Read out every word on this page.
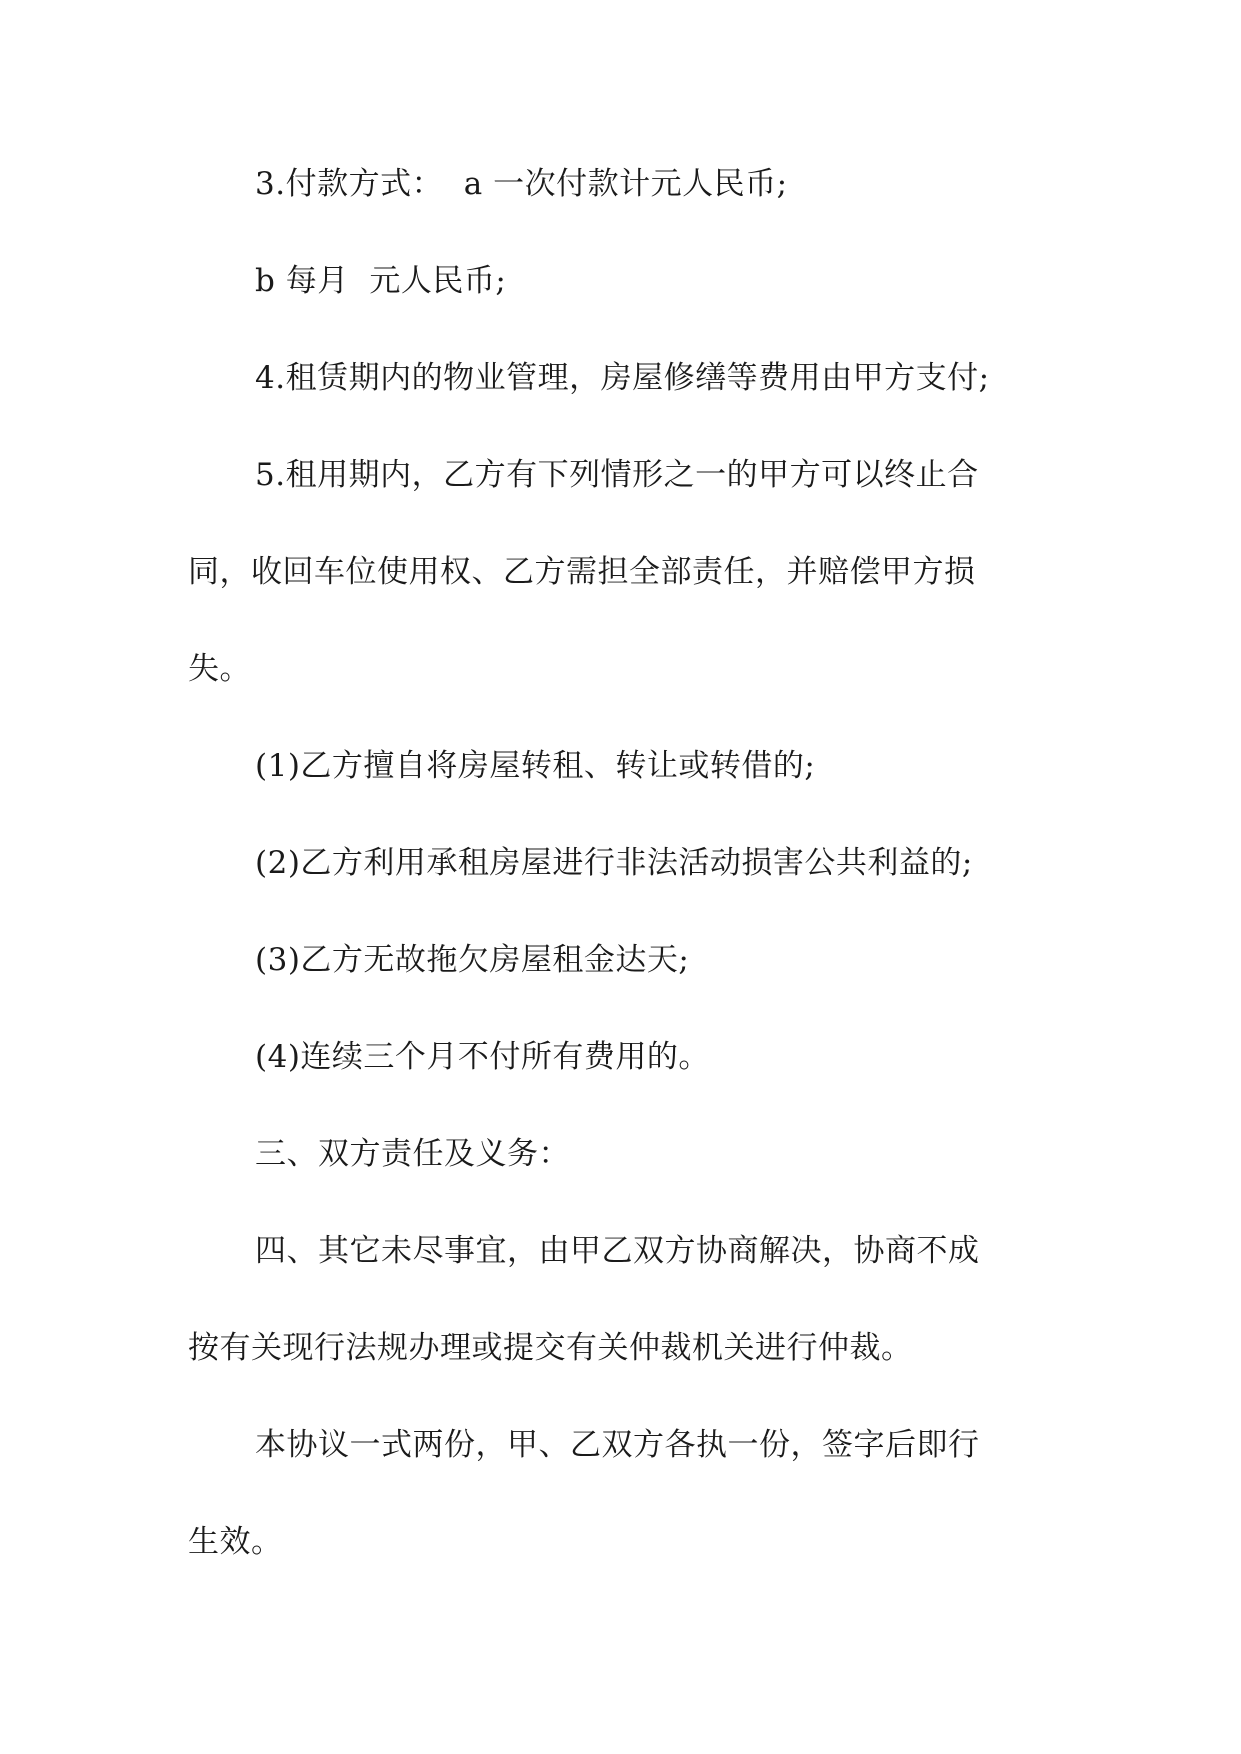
3.付款方式：  a 一次付款计元人民币;
b 每月  元人民币;
4.租赁期内的物业管理，房屋修缮等费用由甲方支付;
5.租用期内，乙方有下列情形之一的甲方可以终止合
同，收回车位使用权、乙方需担全部责任，并赔偿甲方损
失。
(1)乙方擅自将房屋转租、转让或转借的;
(2)乙方利用承租房屋进行非法活动损害公共利益的;
(3)乙方无故拖欠房屋租金达天;
(4)连续三个月不付所有费用的。
三、双方责任及义务：
四、其它未尽事宜，由甲乙双方协商解决，协商不成
按有关现行法规办理或提交有关仲裁机关进行仲裁。
本协议一式两份，甲、乙双方各执一份，签字后即行
生效。
